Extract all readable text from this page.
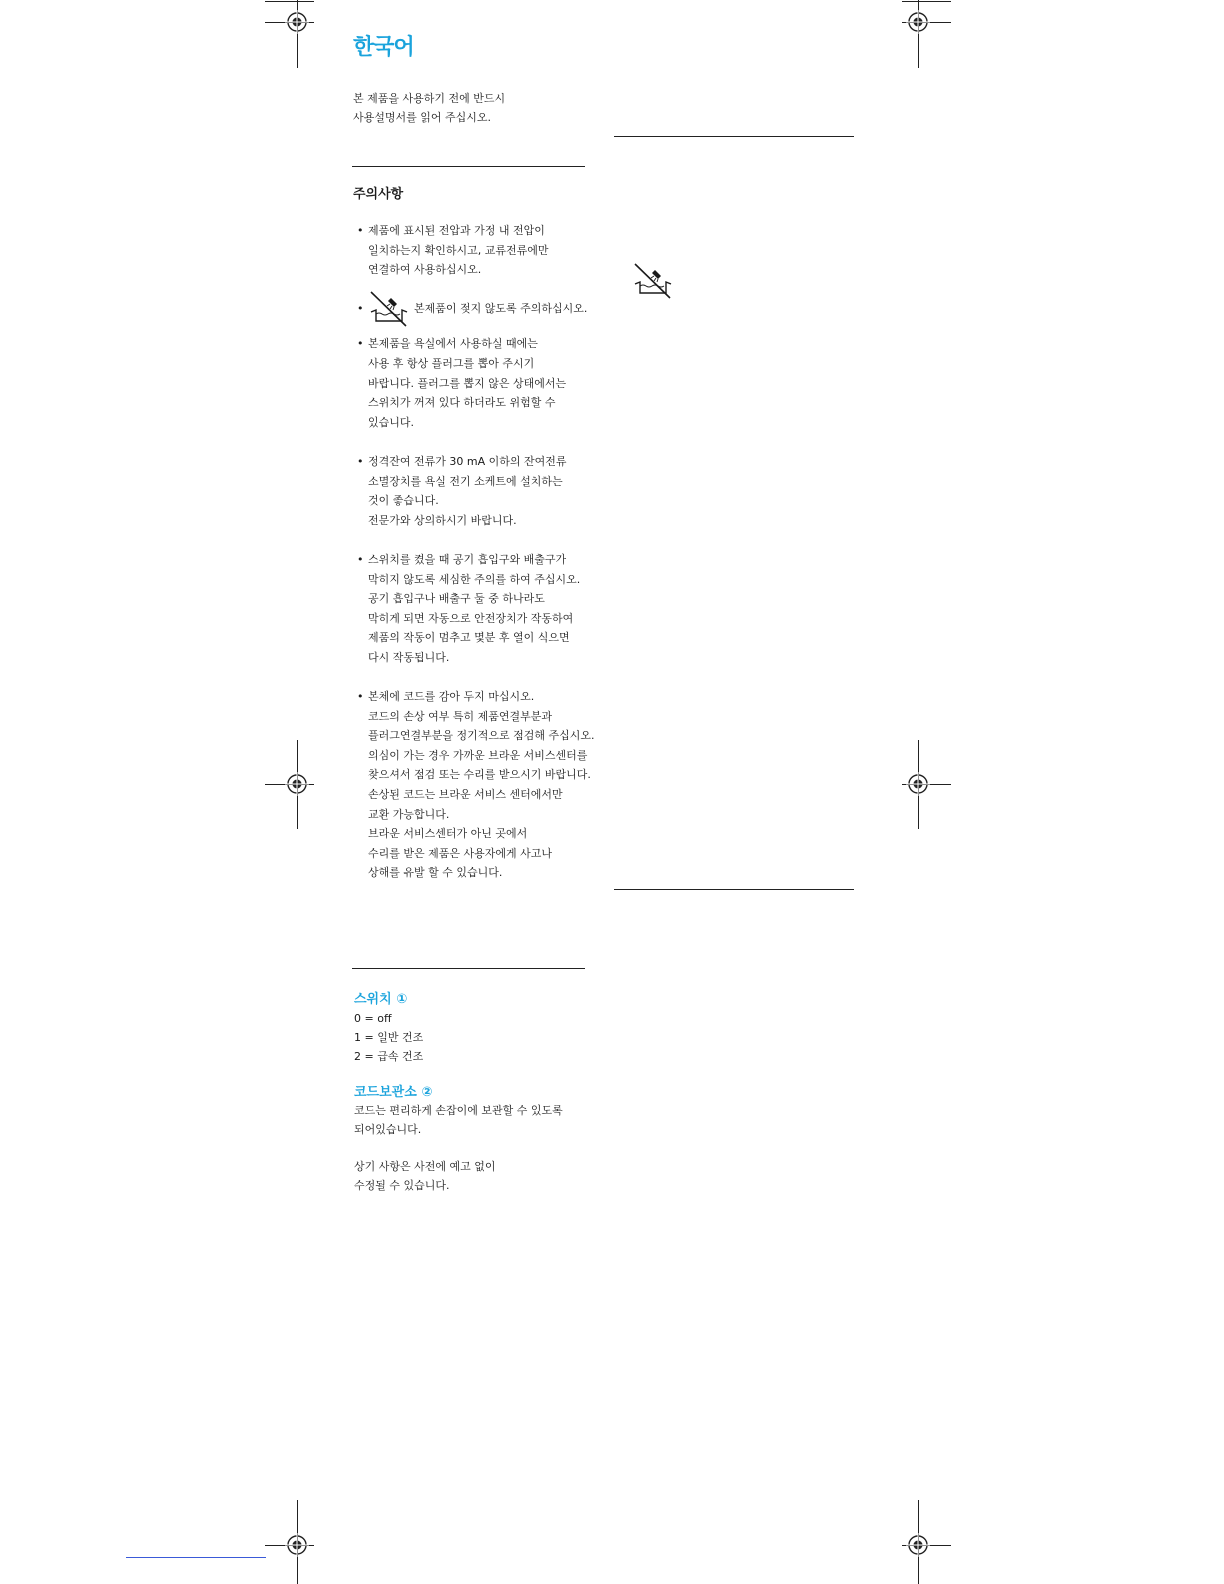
한국어
본 제품을 사용하기 전에 반드시
사용설명서를 읽어 주십시오.
주의사항
• 제품에 표시된 전압과 가정 내 전압이
일치하는지 확인하시고, 교류전류에만
연결하여 사용하십시오.
• 본제품이 젖지 않도록 주의하십시오.
• 본제품을 욕실에서 사용하실 때에는
사용 후 항상 플러그를 뽑아 주시기
바랍니다. 플러그를 뽑지 않은 상태에서는
스위치가 꺼져 있다 하더라도 위험할 수
있습니다.
• 정격잔여 전류가 30 mA 이하의 잔여전류
소멸장치를 욕실 전기 소케트에 설치하는
것이 좋습니다.
전문가와 상의하시기 바랍니다.
• 스위치를 켰을 때 공기 흡입구와 배출구가
막히지 않도록 세심한 주의를 하여 주십시오.
공기 흡입구나 배출구 둘 중 하나라도
막히게 되면 자동으로 안전장치가 작동하여
제품의 작동이 멈추고 몇분 후 열이 식으면
다시 작동됩니다.
• 본체에 코드를 감아 두지 마십시오.
코드의 손상 여부 특히 제품연결부분과
플러그연결부분을 정기적으로 점검해 주십시오.
의심이 가는 경우 가까운 브라운 서비스센터를
찾으셔서 점검 또는 수리를 받으시기 바랍니다.
손상된 코드는 브라운 서비스 센터에서만
교환 가능합니다.
브라운 서비스센터가 아닌 곳에서
수리를 받은 제품은 사용자에게 사고나
상해를 유발 할 수 있습니다.
스위치 ①
0 = off
1 = 일반 건조
2 = 급속 건조
코드보관소 ②
코드는 편리하게 손잡이에 보관할 수 있도록
되어있습니다.
상기 사항은 사전에 예고 없이
수정될 수 있습니다.
